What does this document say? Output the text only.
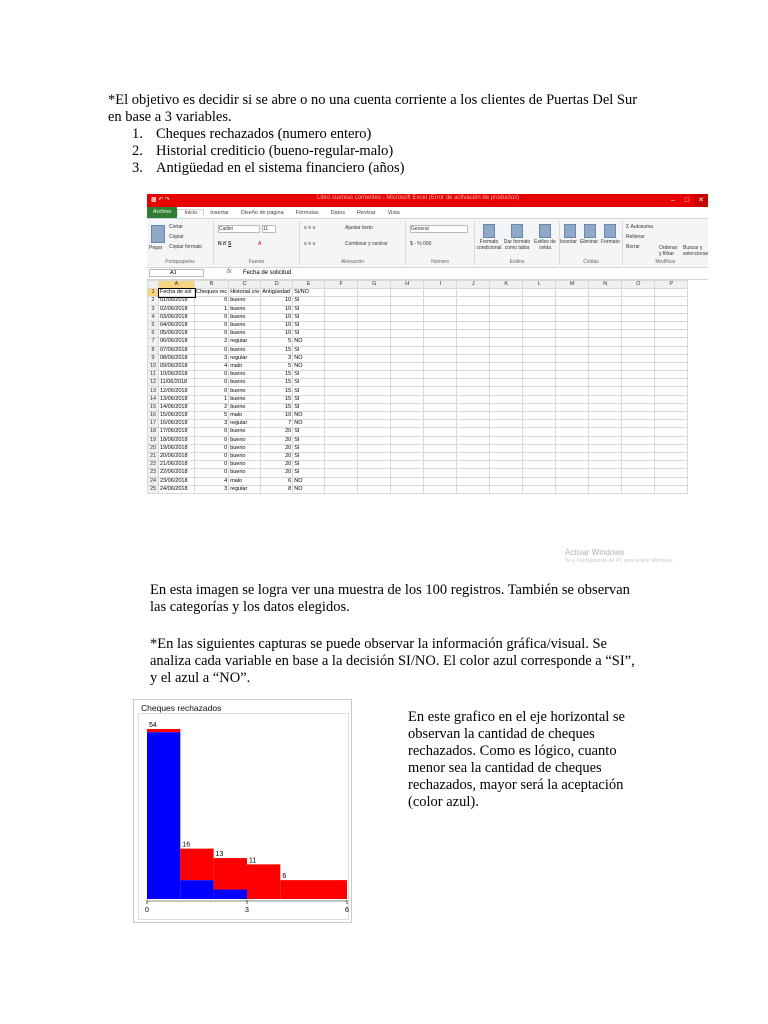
*El objetivo es decidir si se abre o no una cuenta corriente a los clientes de Puertas Del Sur
en base a 3 variables.
1. Cheques rechazados (numero entero)
2. Historial crediticio (bueno-regular-malo)
3. Antigüedad en el sistema financiero (años)
▩ ↶ ↷	Libro cuentas corrientes - Microsoft Excel (Error de activación de productos)	–	□	✕
Archivo	Inicio	Insertar	Diseño de página	Fórmulas	Datos	Revisar	Vista
Pegar
Cortar
Copiar
Copiar formato
Portapapeles
Calibri	11
N K S	A
Fuente
≡ ≡ ≡	Ajustar texto
≡ ≡ ≡	Combinar y centrar
Alineación
General
$ - % 000
Número
Formato condicional
Dar formato como tabla
Estilos de celda
Estilos
Insertar Eliminar Formato
Celdas
Σ Autosuma
Rellenar
Borrar	Ordenar y filtrar
Buscar y seleccionar
Modificar
A1	fx Fecha de solicitud
	A	B	C	D	E	F	G	H	I	J	K	L	M	N	O	P
1	Fecha de sol	Cheques rec	Historial cre	Antigüedad	Si/NO											
2	01/06/2018	0	bueno	10	SI											
3	02/06/2018	1	bueno	10	SI											
4	03/06/2018	0	bueno	10	SI											
5	04/06/2018	0	bueno	10	SI											
6	05/06/2018	0	bueno	10	SI											
7	06/06/2018	2	regular	5	NO											
8	07/06/2018	0	bueno	15	SI											
9	08/06/2018	3	regular	3	NO											
10	09/06/2018	4	malo	5	NO											
11	10/06/2018	0	bueno	15	SI											
12	11/06/2018	0	bueno	15	SI											
13	12/06/2018	0	bueno	15	SI											
14	13/06/2018	1	bueno	15	SI											
15	14/06/2018	2	bueno	15	SI											
16	15/06/2018	5	malo	10	NO											
17	16/06/2018	3	regular	7	NO											
18	17/06/2018	0	bueno	20	SI											
19	18/06/2018	0	bueno	20	SI											
20	19/06/2018	0	bueno	20	SI											
21	20/06/2018	0	bueno	20	SI											
22	21/06/2018	0	bueno	20	SI											
23	22/06/2018	0	bueno	20	SI											
24	23/06/2018	4	malo	6	NO											
25	24/06/2018	3	regular	8	NO											
Activar Windows
Ve a Configuración de PC para activar Windows.
En esta imagen se logra ver una muestra de los 100 registros. También se observan
las categorías y los datos elegidos.
*En las siguientes capturas se puede observar la información gráfica/visual. Se
analiza cada variable en base a la decisión SI/NO. El color azul corresponde a “SI”,
y el azul a “NO”.
Cheques rechazados
54
16
13
11
6
0	3	6
En este grafico en el eje horizontal se
observan la cantidad de cheques
rechazados. Como es lógico, cuanto
menor sea la cantidad de cheques
rechazados, mayor será la aceptación
(color azul).
